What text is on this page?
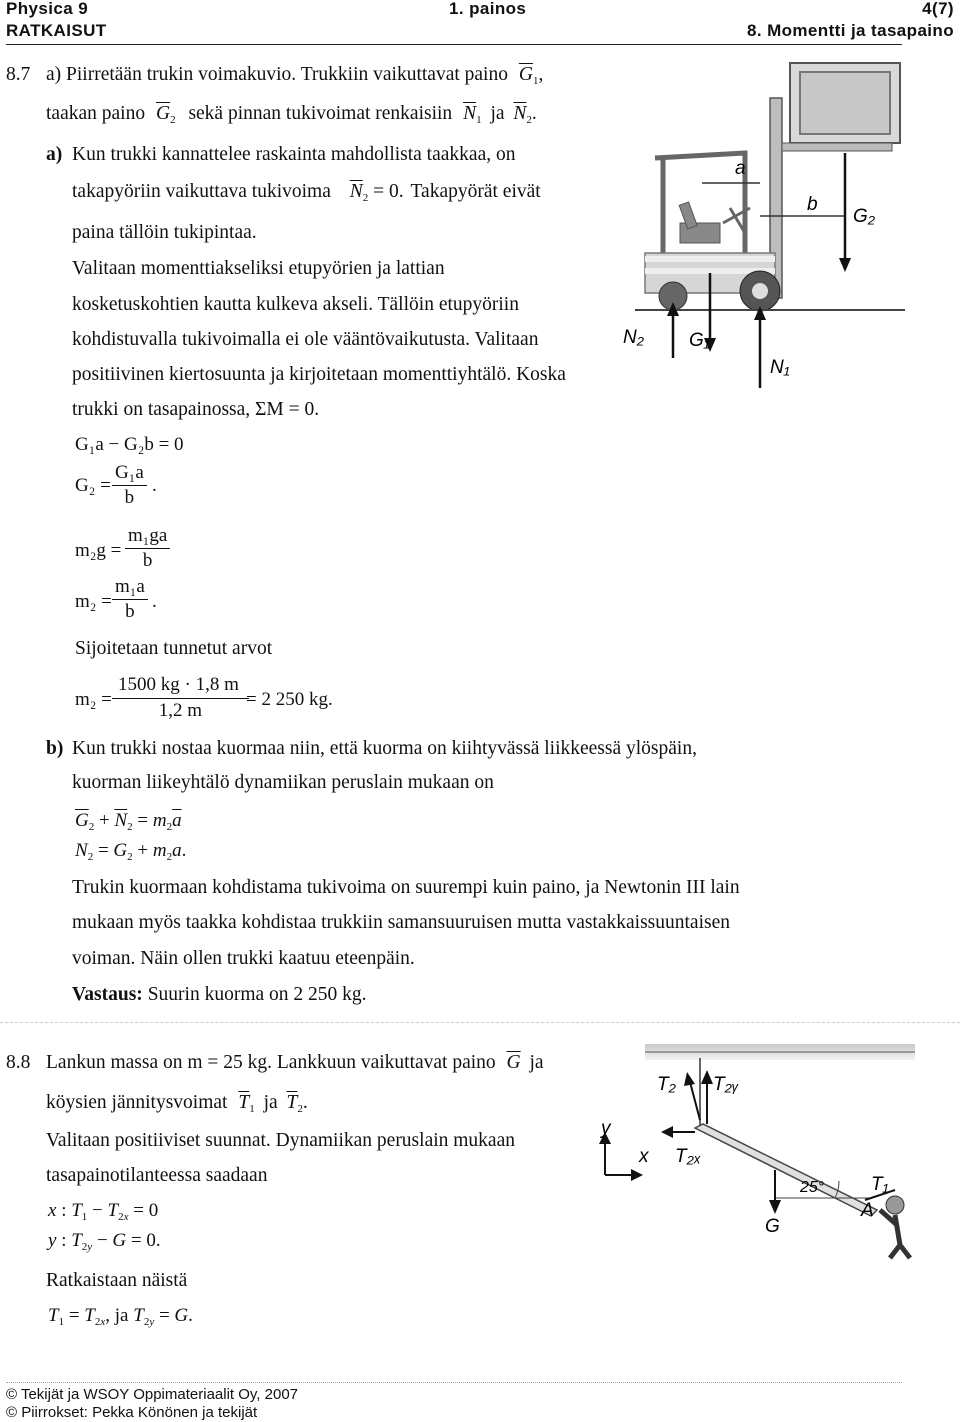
Physica 9	1. painos	4(7)
RATKAISUT	8. Momentti ja tasapaino
8.7 a) Piirretään trukin voimakuvio. Trukkiin vaikuttavat paino $\overline{G}_1$,
taakan paino $\overline{G}_2$ sekä pinnan tukivoimat renkaisiin $\overline{N}_1$ ja $\overline{N}_2$.
a) Kun trukki kannattelee raskainta mahdollista taakkaa, on
takapyöriin vaikuttava tukivoima $\overline{N}_2 = 0$. Takapyörät eivät
paina tällöin tukipintaa.
Valitaan momenttiakseliksi etupyörien ja lattian
kosketuskohtien kautta kulkeva akseli. Tällöin etupyöriin
kohdistuvalla tukivoimalla ei ole vääntövaikutusta. Valitaan
positiivinen kiertosuunta ja kirjoitetaan momenttiyhtälö. Koska
trukki on tasapainossa, ΣM = 0.
G₁a − G₂b = 0
$G_2 = \frac{\text{G₁a}}{b}$ .
$m_2g = \frac{\text{m₁ga}}{b}$
$m_2 = \frac{\text{m₁a}}{b}$ .
Sijoitetaan tunnetut arvot
$m_2 = \frac{1500 kg \cdot 1,8 m}{1,2 m}$
= 2 250 kg.
b) Kun trukki nostaa kuormaa niin, että kuorma on kiihtyvässä liikkeessä ylöspäin,
kuorman liikeyhtälö dynamiikan peruslain mukaan on
$\overline{G}_2 + \overline{N}_2 = m_2\overline{a}$
$N_2 = G_2 + m_2a$.
Trukin kuormaan kohdistama tukivoima on suurempi kuin paino, ja Newtonin III lain
mukaan myös taakka kohdistaa trukkiin samansuuruisen mutta vastakkaissuuntaisen
voiman. Näin ollen trukki kaatuu eteenpäin.
Vastaus: Suurin kuorma on 2 250 kg.
a
b
G₂
N₂ G₁
N₁
8.8 Lankun massa on m = 25 kg. Lankkuun vaikuttavat paino $\overline{G}$ ja
köysien jännitysvoimat $\overline{T}_1$ ja $\overline{T}_2$.
Valitaan positiiviset suunnat. Dynamiikan peruslain mukaan
tasapainotilanteessa saadaan
x : $T_1 - T_{2x} = 0$
y : $T_{2y} - G = 0$.
Ratkaistaan näistä
$T_1 = T_{2x}$, ja $T_{2y} = G$.
T₂ T₂ᵧ
T₂ₓ
25° T₁
A
G
y
x
© Tekijät ja WSOY Oppimateriaalit Oy, 2007
© Piirrokset: Pekka Könönen ja tekijät
